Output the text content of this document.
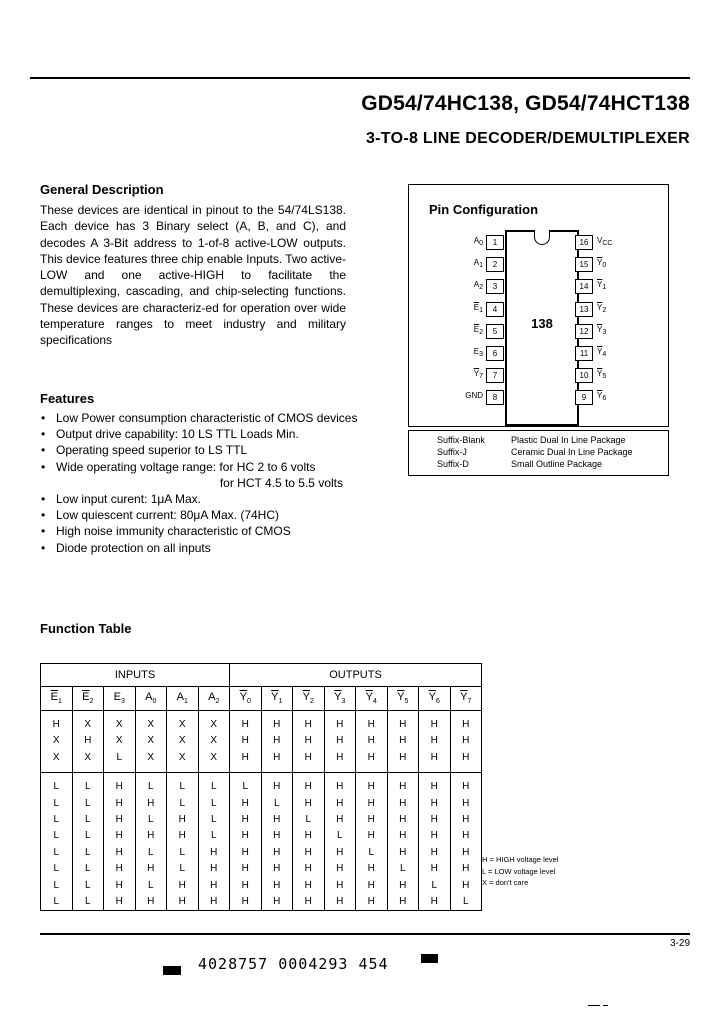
GD54/74HC138, GD54/74HCT138
3-TO-8 LINE DECODER/DEMULTIPLEXER
General Description

These devices are identical in pinout to the 54/74LS138. Each device has 3 Binary select (A, B, and C), and decodes A 3-Bit address to 1-of-8 active-LOW outputs. This device features three chip enable Inputs. Two active-LOW and one active-HIGH to facilitate the demultiplexing, cascading, and chip-selecting functions. These devices are characteriz-ed for operation over wide temperature ranges to meet industry and military specifications

Features
• Low Power consumption characteristic of CMOS devices
• Output drive capability: 10 LS TTL Loads Min.
• Operating speed superior to LS TTL
• Wide operating voltage range: for HC 2 to 6 volts
for HCT 4.5 to 5.5 volts
• Low input curent: 1μA Max.
• Low quiescent current: 80μA Max. (74HC)
• High noise immunity characteristic of CMOS
• Diode protection on all inputs
Pin Configuration
138
1
$A_0$
2
$A_1$
3
$A_2$
4
$\overline{E}_1$
5
$\overline{E}_2$
6
$E_3$
7
$\overline{Y}_7$
8
GND
16	$V_{CC}$
15	$\overline{Y}_0$
14	$\overline{Y}_1$
13	$\overline{Y}_2$
12	$\overline{Y}_3$
11	$\overline{Y}_4$
10	$\overline{Y}_5$
9	$\overline{Y}_6$
Suffix-Blank	Plastic Dual In Line Package
Suffix-J	Ceramic Dual In Line Package
Suffix-D	Small Outline Package
Function Table
INPUTS						OUTPUTS							
$\overline{E}_1$	$\overline{E}_2$	$E_3$	$A_0$	$A_1$	$A_2$	$\overline{Y}_0$	$\overline{Y}_1$	$\overline{Y}_2$	$\overline{Y}_3$	$\overline{Y}_4$	$\overline{Y}_5$	$\overline{Y}_6$	$\overline{Y}_7$
H	X	X	X	X	X	H	H	H	H	H	H	H	H
X	H	X	X	X	X	H	H	H	H	H	H	H	H
X	X	L	X	X	X	H	H	H	H	H	H	H	H
L	L	H	L	L	L	L	H	H	H	H	H	H	H
L	L	H	H	L	L	H	L	H	H	H	H	H	H
L	L	H	L	H	L	H	H	L	H	H	H	H	H
L	L	H	H	H	L	H	H	H	L	H	H	H	H
L	L	H	L	L	H	H	H	H	H	L	H	H	H
L	L	H	H	L	H	H	H	H	H	H	L	H	H
L	L	H	L	H	H	H	H	H	H	H	H	L	H
L	L	H	H	H	H	H	H	H	H	H	H	H	L
H = HIGH voltage level
L = LOW voltage level
X = don't care
3-29
4028757 0004293 454
